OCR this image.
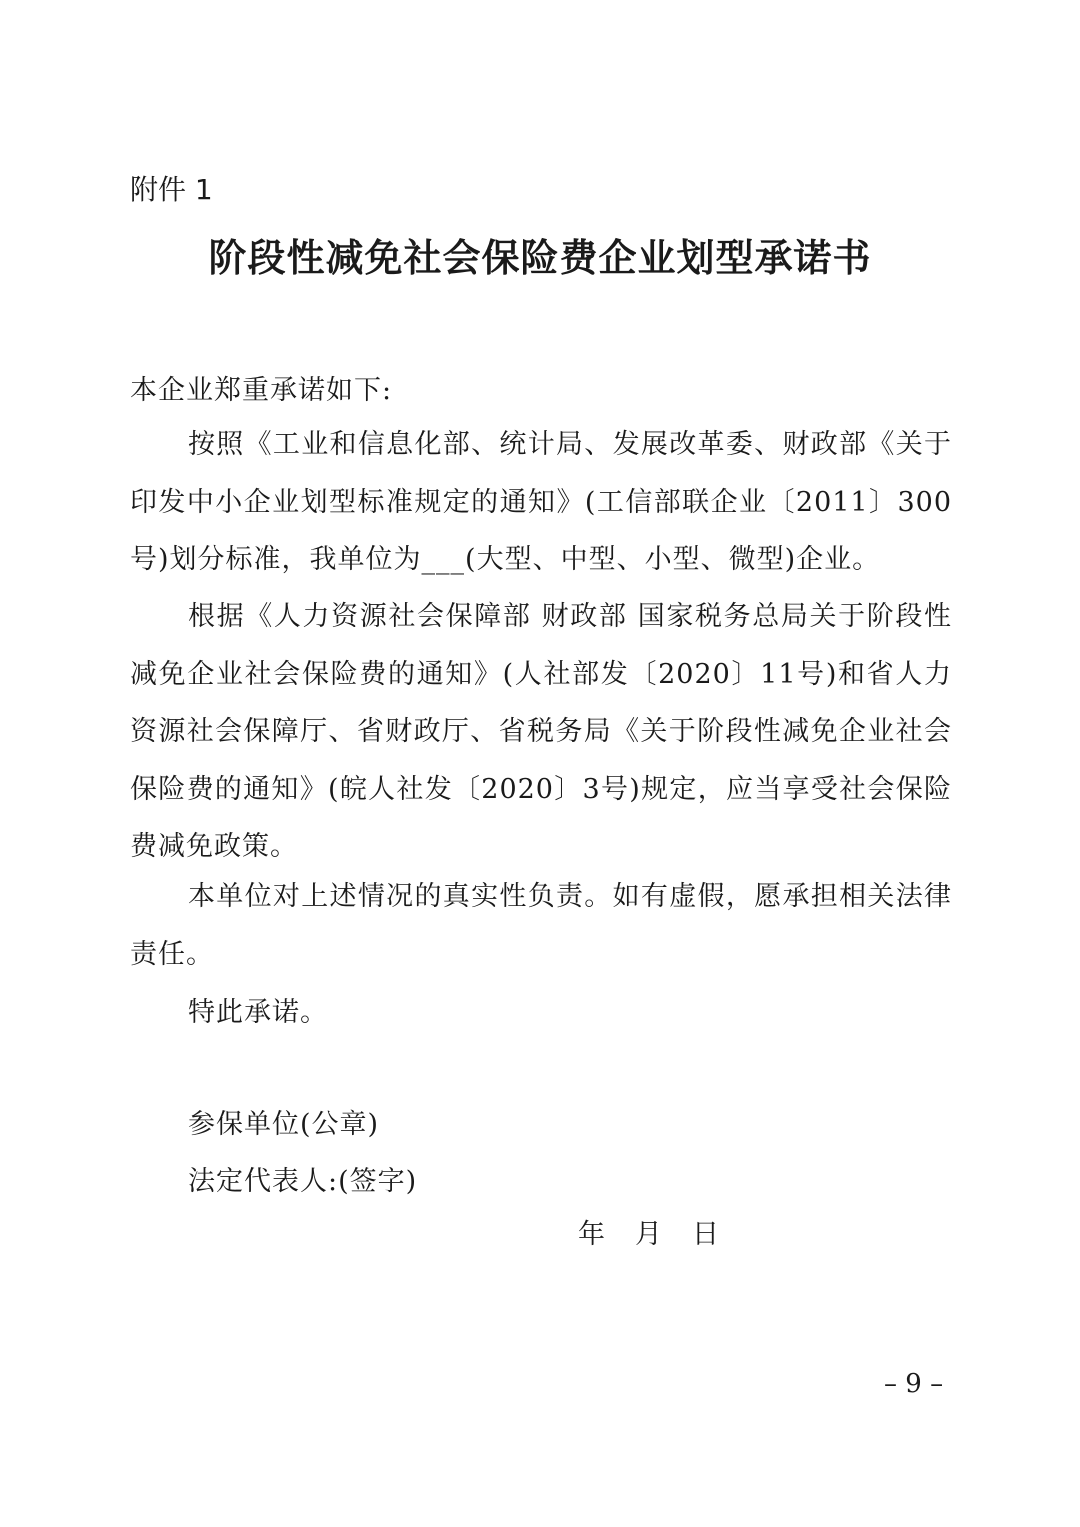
附件 1
阶段性减免社会保险费企业划型承诺书

本企业郑重承诺如下:

按照《工业和信息化部、统计局、发展改革委、财政部《关于印发中小企业划型标准规定的通知》(工信部联企业〔2011〕300号)划分标准，我单位为___(大型、中型、小型、微型)企业。

根据《人力资源社会保障部 财政部 国家税务总局关于阶段性减免企业社会保险费的通知》(人社部发〔2020〕11号)和省人力资源社会保障厅、省财政厅、省税务局《关于阶段性减免企业社会保险费的通知》(皖人社发〔2020〕3号)规定，应当享受社会保险费减免政策。

本单位对上述情况的真实性负责。如有虚假，愿承担相关法律责任。

特此承诺。

参保单位(公章)

法定代表人:(签字)

年 月 日
– 9 –
